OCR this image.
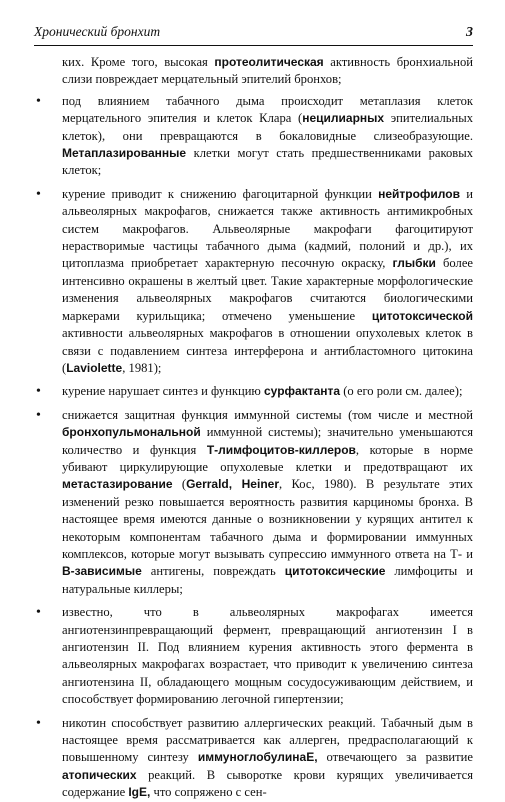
Хронический бронхит	3

ких. Кроме того, высокая протеолитическая активность бронхиальной слизи повреждает мерцательный эпителий бронхов;

• под влиянием табачного дыма происходит метаплазия клеток мерцательного эпителия и клеток Клара (нецилиарных эпителиальных клеток), они превращаются в бокаловидные слизеобразующие. Метаплазированные клетки могут стать предшественниками раковых клеток;
• курение приводит к снижению фагоцитарной функции нейтрофилов и альвеолярных макрофагов, снижается также активность антимикробных систем макрофагов. Альвеолярные макрофаги фагоцитируют нерастворимые частицы табачного дыма (кадмий, полоний и др.), их цитоплазма приобретает характерную песочную окраску, глыбки более интенсивно окрашены в желтый цвет. Такие характерные морфологические изменения альвеолярных макрофагов считаются биологическими маркерами курильщика; отмечено уменьшение цитотоксической активности альвеолярных макрофагов в отношении опухолевых клеток в связи с подавлением синтеза интерферона и антибластомного цитокина (Laviolette, 1981);
• курение нарушает синтез и функцию сурфактанта (о его роли см. далее);
• снижается защитная функция иммунной системы (том числе и местной бронхопульмональной иммунной системы); значительно уменьшаются количество и функция Т-лимфоцитов-киллеров, которые в норме убивают циркулирующие опухолевые клетки и предотвращают их метастазирование (Gerrald, Heiner, Кос, 1980). В результате этих изменений резко повышается вероятность развития карциномы бронха. В настоящее время имеются данные о возникновении у курящих антител к некоторым компонентам табачного дыма и формировании иммунных комплексов, которые могут вызывать супрессию иммунного ответа на Т- и В-зависимые антигены, повреждать цитотоксические лимфоциты и натуральные киллеры;
• известно, что в альвеолярных макрофагах имеется ангиотензинпревращающий фермент, превращающий ангиотензин I в ангиотензин II. Под влиянием курения активность этого фермента в альвеолярных макрофагах возрастает, что приводит к увеличению синтеза ангиотензина II, обладающего мощным сосудосуживающим действием, и способствует формированию легочной гипертензии;
• никотин способствует развитию аллергических реакций. Табачный дым в настоящее время рассматривается как аллерген, предрасполагающий к повышенному синтезу иммуноглобулинаЕ, отвечающего за развитие атопических реакций. В сыворотке крови курящих увеличивается содержание IgE, что сопряжено с сен-
